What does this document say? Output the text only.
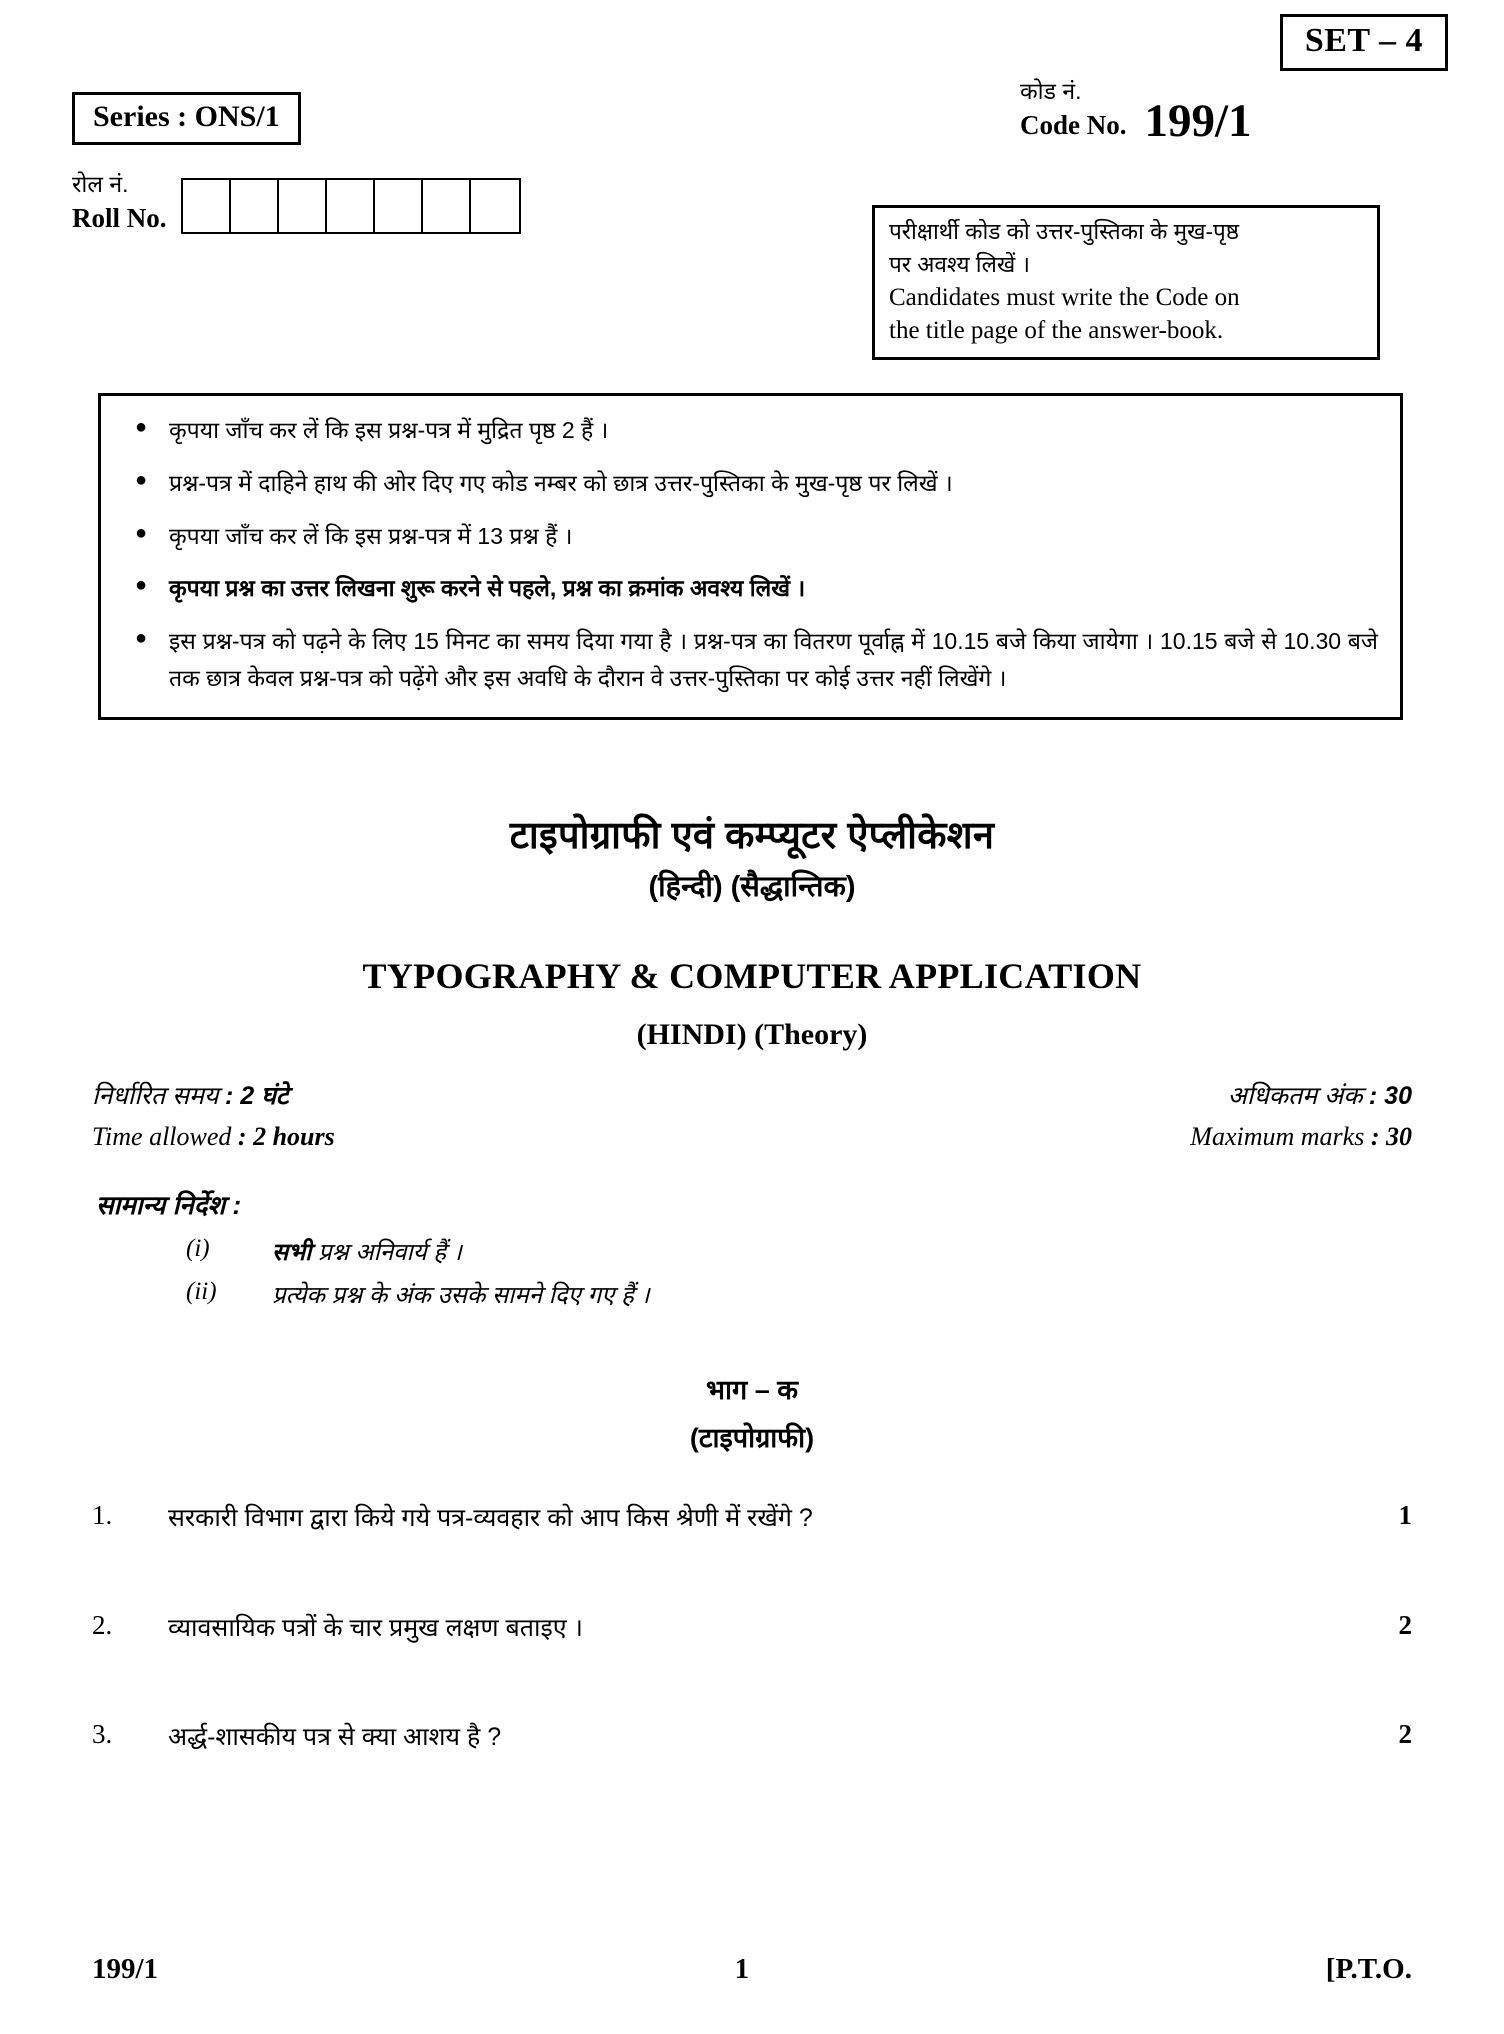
SET – 4
Series : ONS/1
कोड नं.
Code No. 199/1
रोल नं.
Roll No.	परीक्षार्थी कोड को उत्तर-पुस्तिका के मुख-पृष्ठ
पर अवश्य लिखें ।
Candidates must write the Code on
the title page of the answer-book.
● कृपया जाँच कर लें कि इस प्रश्न-पत्र में मुद्रित पृष्ठ 2 हैं ।
● प्रश्न-पत्र में दाहिने हाथ की ओर दिए गए कोड नम्बर को छात्र उत्तर-पुस्तिका के मुख-पृष्ठ पर लिखें ।
● कृपया जाँच कर लें कि इस प्रश्न-पत्र में 13 प्रश्न हैं ।
● कृपया प्रश्न का उत्तर लिखना शुरू करने से पहले, प्रश्न का क्रमांक अवश्य लिखें ।
● इस प्रश्न-पत्र को पढ़ने के लिए 15 मिनट का समय दिया गया है । प्रश्न-पत्र का वितरण पूर्वाह्न में 10.15 बजे किया जायेगा । 10.15 बजे से 10.30 बजे तक छात्र केवल प्रश्न-पत्र को पढ़ेंगे और इस अवधि के दौरान वे उत्तर-पुस्तिका पर कोई उत्तर नहीं लिखेंगे ।
टाइपोग्राफी एवं कम्प्यूटर ऐप्लीकेशन
(हिन्दी) (सैद्धान्तिक)
TYPOGRAPHY & COMPUTER APPLICATION
(HINDI) (Theory)
निर्धारित समय : 2 घंटे	अधिकतम अंक : 30
Time allowed : 2 hours	Maximum marks : 30
सामान्य निर्देश :
(i)	सभी प्रश्न अनिवार्य हैं ।
(ii)	प्रत्येक प्रश्न के अंक उसके सामने दिए गए हैं ।
भाग – क
(टाइपोग्राफी)
1.	सरकारी विभाग द्वारा किये गये पत्र-व्यवहार को आप किस श्रेणी में रखेंगे ?	1
2.	व्यावसायिक पत्रों के चार प्रमुख लक्षण बताइए ।	2
3.	अर्द्ध-शासकीय पत्र से क्या आशय है ?	2
199/1	1	[P.T.O.
